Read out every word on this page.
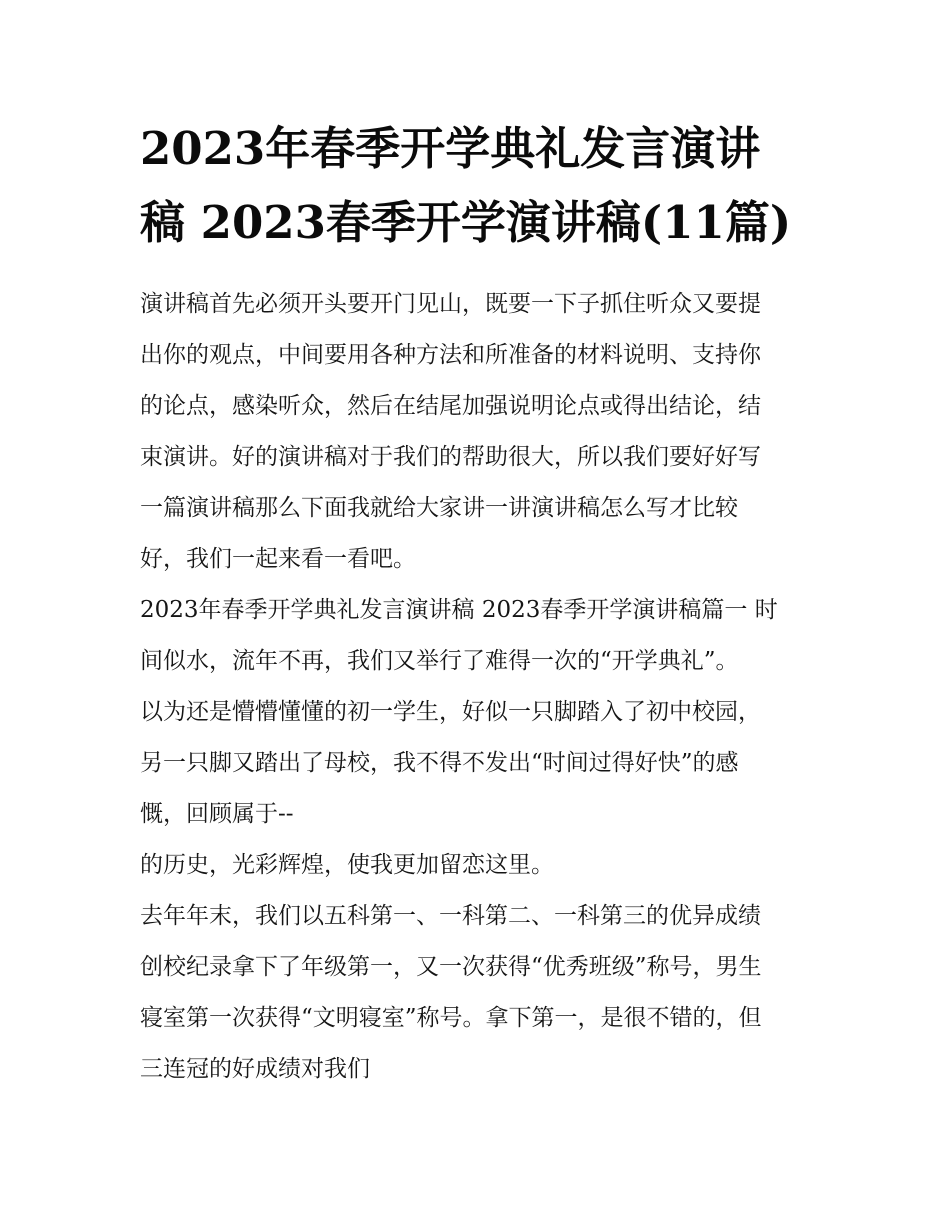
2023年春季开学典礼发言演讲
稿 2023春季开学演讲稿(11篇)
演讲稿首先必须开头要开门见山，既要一下子抓住听众又要提
出你的观点，中间要用各种方法和所准备的材料说明、支持你
的论点，感染听众，然后在结尾加强说明论点或得出结论，结
束演讲。好的演讲稿对于我们的帮助很大，所以我们要好好写
一篇演讲稿那么下面我就给大家讲一讲演讲稿怎么写才比较
好，我们一起来看一看吧。
2023年春季开学典礼发言演讲稿 2023春季开学演讲稿篇一 时
间似水，流年不再，我们又举行了难得一次的“开学典礼”。
以为还是懵懵懂懂的初一学生，好似一只脚踏入了初中校园，
另一只脚又踏出了母校，我不得不发出“时间过得好快”的感
慨，回顾属于--
的历史，光彩辉煌，使我更加留恋这里。
去年年末，我们以五科第一、一科第二、一科第三的优异成绩
创校纪录拿下了年级第一，又一次获得“优秀班级”称号，男生
寝室第一次获得“文明寝室”称号。拿下第一，是很不错的，但
三连冠的好成绩对我们
